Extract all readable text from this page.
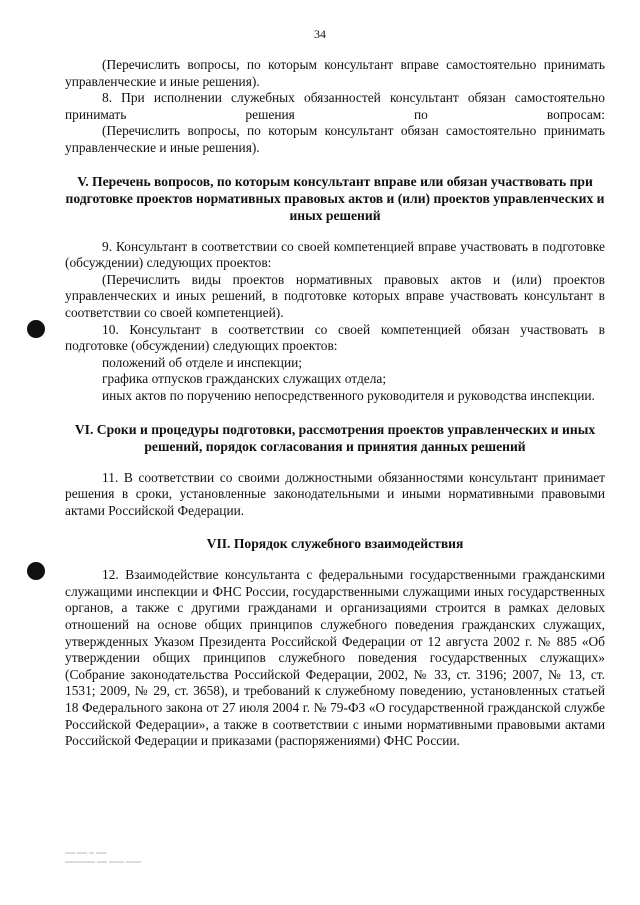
34

(Перечислить вопросы, по которым консультант вправе самостоятельно принимать управленческие и иные решения).

8. При исполнении служебных обязанностей консультант обязан самостоятельно принимать решения по вопросам:

(Перечислить вопросы, по которым консультант обязан самостоятельно принимать управленческие и иные решения).

V. Перечень вопросов, по которым консультант вправе или обязан участвовать при подготовке проектов нормативных правовых актов и (или) проектов управленческих и иных решений

9. Консультант в соответствии со своей компетенцией вправе участвовать в подготовке (обсуждении) следующих проектов:

(Перечислить виды проектов нормативных правовых актов и (или) проектов управленческих и иных решений, в подготовке которых вправе участвовать консультант в соответствии со своей компетенцией).

10. Консультант в соответствии со своей компетенцией обязан участвовать в подготовке (обсуждении) следующих проектов:

положений об отделе и инспекции;

графика отпусков гражданских служащих отдела;

иных актов по поручению непосредственного руководителя и руководства инспекции.

VI. Сроки и процедуры подготовки, рассмотрения проектов управленческих и иных решений, порядок согласования и принятия данных решений

11. В соответствии со своими должностными обязанностями консультант принимает решения в сроки, установленные законодательными и иными нормативными правовыми актами Российской Федерации.

VII. Порядок служебного взаимодействия

12. Взаимодействие консультанта с федеральными государственными гражданскими служащими инспекции и ФНС России, государственными служащими иных государственных органов, а также с другими гражданами и организациями строится в рамках деловых отношений на основе общих принципов служебного поведения гражданских служащих, утвержденных Указом Президента Российской Федерации от 12 августа 2002 г. № 885 «Об утверждении общих принципов служебного поведения государственных служащих» (Собрание законодательства Российской Федерации, 2002, № 33, ст. 3196; 2007, № 13, ст. 1531; 2009, № 29, ст. 3658), и требований к служебному поведению, установленных статьей 18 Федерального закона от 27 июля 2004 г. № 79-ФЗ «О государственной гражданской службе Российской Федерации», а также в соответствии с иными нормативными правовыми актами Российской Федерации и приказами (распоряжениями) ФНС России.

▁▁ ▁▁ ▁ ▁▁
▁▁▁▁▁▁ ▁▁ ▁▁▁ ▁▁▁
